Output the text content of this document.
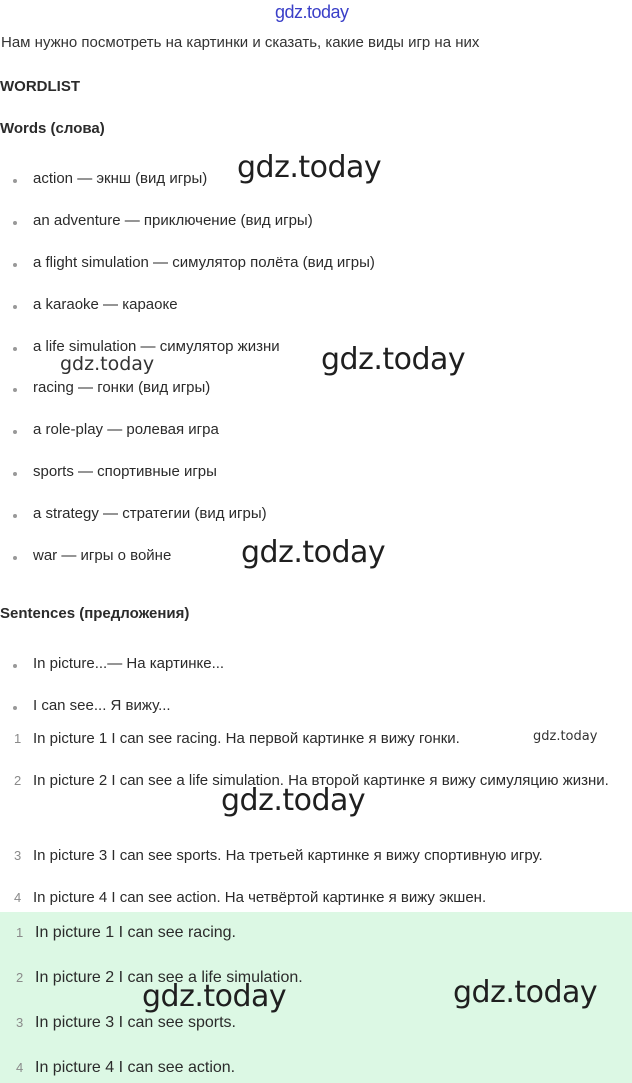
gdz.today
Нам нужно посмотреть на картинки и сказать, какие виды игр на них
WORDLIST
Words (слова)
action — экнш (вид игры)
an adventure — приключение (вид игры)
a flight simulation — симулятор полёта (вид игры)
a karaoke — караоке
a life simulation — симулятор жизни
racing — гонки (вид игры)
a role-play — ролевая игра
sports — спортивные игры
a strategy — стратегии (вид игры)
war — игры о войне
Sentences (предложения)
In picture...— На картинке...
I can see... Я вижу...
1 In picture 1 I can see racing. На первой картинке я вижу гонки.
2 In picture 2 I can see a life simulation. На второй картинке я вижу симуляцию жизни.
3 In picture 3 I can see sports. На третьей картинке я вижу спортивную игру.
4 In picture 4 I can see action. На четвёртой картинке я вижу экшен.
1 In picture 1 I can see racing.
2 In picture 2 I can see a life simulation.
3 In picture 3 I can see sports.
4 In picture 4 I can see action.
gdz.today
gdz.today	gdz.today
gdz.today
gdz.today
gdz.today
gdz.today	gdz.today
